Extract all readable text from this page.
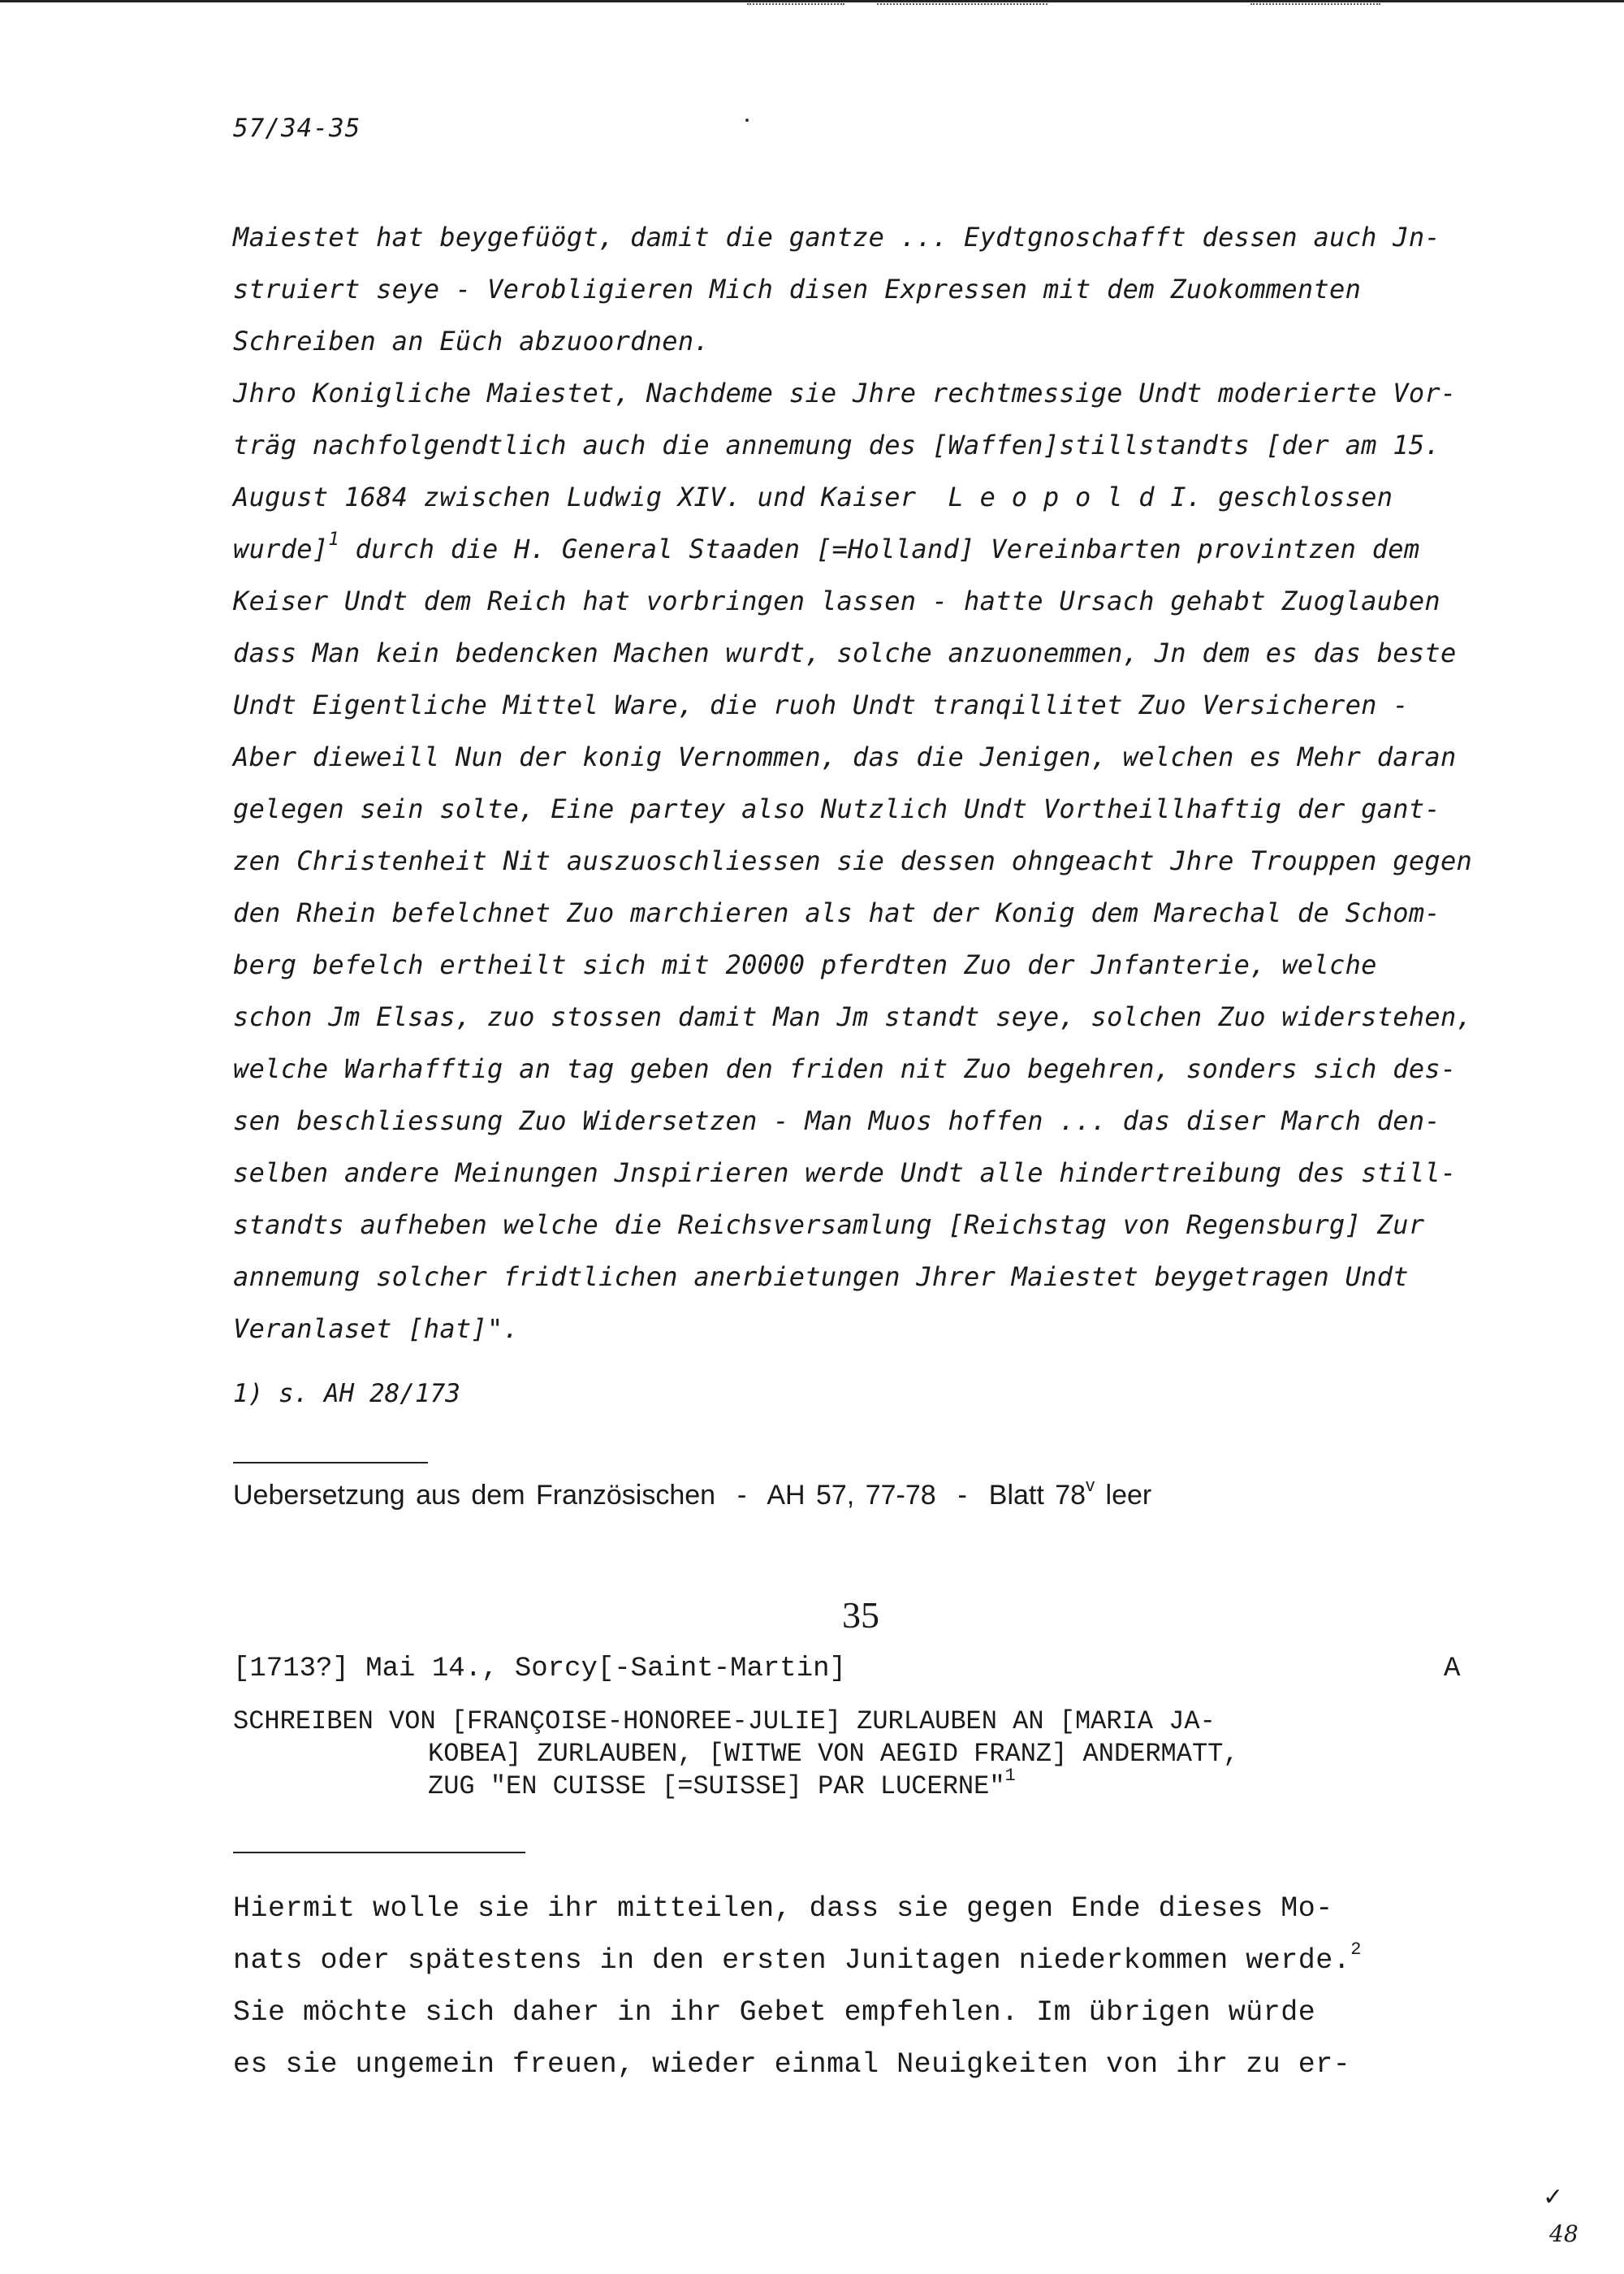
57/34-35
Maiestet hat beygefüögt, damit die gantze ... Eydtgnoschafft dessen auch Jn-
struiert seye - Verobligieren Mich disen Expressen mit dem Zuokommenten
Schreiben an Eüch abzuoordnen.
Jhro Konigliche Maiestet, Nachdeme sie Jhre rechtmessige Undt moderierte Vor-
träg nachfolgendtlich auch die annemung des [Waffen]stillstandts [der am 15.
August 1684 zwischen Ludwig XIV. und Kaiser  L e o p o l d I. geschlossen
wurde]$^1$ durch die H. General Staaden [=Holland] Vereinbarten provintzen dem
Keiser Undt dem Reich hat vorbringen lassen - hatte Ursach gehabt Zuoglauben
dass Man kein bedencken Machen wurdt, solche anzuonemmen, Jn dem es das beste
Undt Eigentliche Mittel Ware, die ruoh Undt tranqillitet Zuo Versicheren -
Aber dieweill Nun der konig Vernommen, das die Jenigen, welchen es Mehr daran
gelegen sein solte, Eine partey also Nutzlich Undt Vortheillhaftig der gant-
zen Christenheit Nit auszuoschliessen sie dessen ohngeacht Jhre Trouppen gegen
den Rhein befelchnet Zuo marchieren als hat der Konig dem Marechal de Schom-
berg befelch ertheilt sich mit 20000 pferdten Zuo der Jnfanterie, welche
schon Jm Elsas, zuo stossen damit Man Jm standt seye, solchen Zuo widerstehen,
welche Warhafftig an tag geben den friden nit Zuo begehren, sonders sich des-
sen beschliessung Zuo Widersetzen - Man Muos hoffen ... das diser March den-
selben andere Meinungen Jnspirieren werde Undt alle hindertreibung des still-
standts aufheben welche die Reichsversamlung [Reichstag von Regensburg] Zur
annemung solcher fridtlichen anerbietungen Jhrer Maiestet beygetragen Undt
Veranlaset [hat]".
1) s. AH 28/173
Uebersetzung aus dem Französischen  -  AH 57, 77-78  -  Blatt 78$^v$ leer
35
[1713?] Mai 14., Sorcy[-Saint-Martin]	A
SCHREIBEN VON [FRANÇOISE-HONOREE-JULIE] ZURLAUBEN AN [MARIA JA-
KOBEA] ZURLAUBEN, [WITWE VON AEGID FRANZ] ANDERMATT,
ZUG "EN CUISSE [=SUISSE] PAR LUCERNE"$^1$
Hiermit wolle sie ihr mitteilen, dass sie gegen Ende dieses Mo-
nats oder spätestens in den ersten Junitagen niederkommen werde.$^2$
Sie möchte sich daher in ihr Gebet empfehlen. Im übrigen würde
es sie ungemein freuen, wieder einmal Neuigkeiten von ihr zu er-
✓
48
